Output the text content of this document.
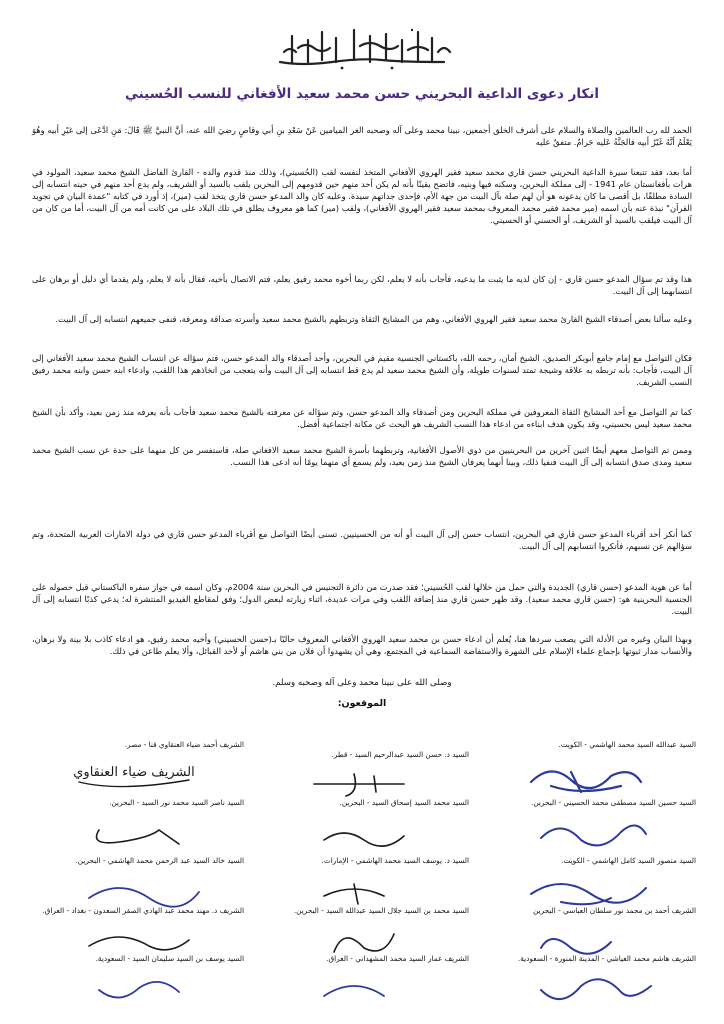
انكار دعوى الداعية البحريني حسن محمد سعيد الأفغاني للنسب الحُسيني

الحمد لله رب العالمين والصلاة والسلام على أشرف الخلق أجمعين، نبينا محمد وعلى آله وصحبه الغر الميامين عَنْ سَعْدِ بنِ أبي وقاصٍ رضيَ الله عنه، أنَّ النبيَّ ﷺ قَالَ: مَنِ ادَّعَى إلى غيْرِ أبيه وهُوَ يَعْلَمُ أنَّهُ غَيْرُ أبيه فالجَنَّةُ عَليه حَرامٌ. متفقٌ عليه

أما بعد، فقد تتبعنا سيرة الداعية البحريني حسن قاري محمد سعيد فقير الهروي الأفغاني المتخذ لنفسه لقب (الحُسيني)، وذلك منذ قدوم والده - القارئ الفاضل الشيخ محمد سعيد، المولود في هرات بأفغانستان عام 1941 - إلى مملكة البحرين، وسكنه فيها وبنيه، فاتضح يقينًا بأنه لم يكن أحد منهم حين قدومهم إلى البحرين يلقب بالسيد أو الشريف، ولم يدع أحد منهم في حينه انتسابه إلى السادة مطلقًا، بل أقصى ما كان يدعونه هو أن لهم صلة بآل البيت من جهة الأم، فإحدى جداتهم سيدة. وعليه كان والد المدعو حسن قاري يتخذ لقب (مير)، إذ أورد في كتابه "عمدة البيان في تجويد القرآن" نبذة عنه بأن اسمه (مير محمد فقير محمد المعروف بمحمد سعيد فقير الهروي الأفغاني)، ولقب (مير) كما هو معروف يطلق في تلك البلاد على من كانت أمه من آل البيت، أما من كان من آل البيت فيلقب بالسيد أو الشريف، أو الحسني أو الحسيني.

هذا وقد تم سؤال المدعو حسن قاري - إن كان لديه ما يثبت ما يدعيه، فأجاب بأنه لا يعلم، لكن ربما أخوه محمد رفيق يعلم، فتم الاتصال بأخيه، فقال بأنه لا يعلم، ولم يقدما أي دليل أو برهان على انتسابهما إلى آل البيت.

وعليه سألنا بعض أصدقاء الشيخ القارئ محمد سعيد فقير الهروي الأفغاني، وهم من المشايخ الثقاة وتربطهم بالشيخ محمد سعيد وأسرته صداقة ومعرفة، فنفى جميعهم انتسابه إلى آل البيت.

فكان التواصل مع إمام جامع أبوبكر الصديق، الشيخ أمان، رحمه الله، باكستاني الجنسية مقيم في البحرين، وأحد أصدقاء والد المدعو حسن، فتم سؤاله عن انتساب الشيخ محمد سعيد الأفغاني إلى آل البيت، فأجاب: بأنه تربطه به علاقة وشيجة تمتد لسنوات طويلة، وأن الشيخ محمد سعيد لم يدع قط انتسابه إلى آل البيت وأنه يتعجب من اتخاذهم هذا اللقب، وادعاء ابنه حسن وابنه محمد رفيق النسب الشريف.

كما تم التواصل مع أحد المشايخ الثقاة المعروفين في مملكة البحرين ومن أصدقاء والد المدعو حسن، وتم سؤاله عن معرفته بالشيخ محمد سعيد فأجاب بأنه يعرفه منذ زمن بعيد، وأكد بأن الشيخ محمد سعيد ليس بحسيني، وقد يكون هدف ابناءه من ادعاء هذا النسب الشريف هو البحث عن مكانة اجتماعية أفضل.

وممن تم التواصل معهم أيضًا اثنين آخرين من البحرينيين من ذوي الأصول الأفغانية، وتربطهما بأسرة الشيخ محمد سعيد الافغاني صلة، فاستفسر من كل منهما على حدة عن نسب الشيخ محمد سعيد ومدى صدق انتسابه إلى آل البيت فنفيا ذلك، وبينا أنهما يعرفان الشيخ منذ زمن بعيد، ولم يسمع أي منهما يومًا أنه ادعى هذا النسب.

كما أنكر أحد أقرباء المدعو حسن قاري في البحرين، انتساب حسن إلى آل البيت أو أنه من الحسينيين. تسنى أيضًا التواصل مع أقرباء المدعو حسن قاري في دولة الامارات العربية المتحدة، وتم سؤالهم عن نسبهم، فأنكروا انتسابهم إلى آل البيت.

أما عن هوية المدعو (حسن قاري) الجديدة والتي حمل من خلالها لقب الحُسيني؛ فقد صدرت من دائرة التجنيس في البحرين سنة 2004م، وكان اسمه في جواز سفره الباكستاني قبل حصوله على الجنسية البحرينية هو: (حسن قاري محمد سعيد). وقد ظهر حسن قاري منذ إضافة اللقب وفي مرات عديدة، اثناء زيارته لبعض الدول؛ وفق لمقاطع الفيديو المنتشرة له؛ يدعي كذبًا انتسابه إلى آل البيت.

وبهذا البيان وغيره من الأدلة التي يصعب سردها هنا، يُعلم أن ادعاء حسن بن محمد سعيد الهروي الأفغاني المعروف حاليًا بـ(حسن الحسيني) وأخيه محمد رفيق، هو ادعاء كاذب بلا بينة ولا برهان، والأنساب مدار ثبوتها بإجماع علماء الإسلام على الشهرة والاستفاضة السماعية في المجتمع، وهي أن يشهدوا أن فلان من بني هاشم أو لأحد القبائل، وألا يعلم طاعن في ذلك.

وصلى الله على نبينا محمد وعلى آله وصحبه وسلم.
الموقعون:
السيد عبدالله السيد محمد الهاشمي - الكويت.
السيد د. حسن السيد عبدالرحيم السيد - قطر.
الشريف أحمد ضياء العنقاوي قنا - مصر.
الشريف ضياء العنقاوي
السيد حسين السيد مصطفى محمد الحسيني - البحرين.
السيد محمد السيد إسحاق السيد - البحرين.
السيد ناصر السيد محمد نور السيد - البحرين.
السيد منصور السيد كامل الهاشمي - الكويت.
السيد د. يوسف السيد محمد الهاشمي - الإمارات.
السيد خالد السيد عبد الرحمن محمد الهاشمي - البحرين.
الشريف أحمد بن محمد نور سلطان العباسي - البحرين
السيد محمد بن السيد جلال السيد عبدالله السيد - البحرين.
الشريف د. مهند محمد عبد الهادي الصقر السعدون - بغداد - العراق.
الشريف هاشم محمد العياشي - المدينة المنورة - السعودية.
الشريف عمار السيد محمد المشهداني - العراق.
السيد يوسف بن السيد سليمان السيد - السعودية.
